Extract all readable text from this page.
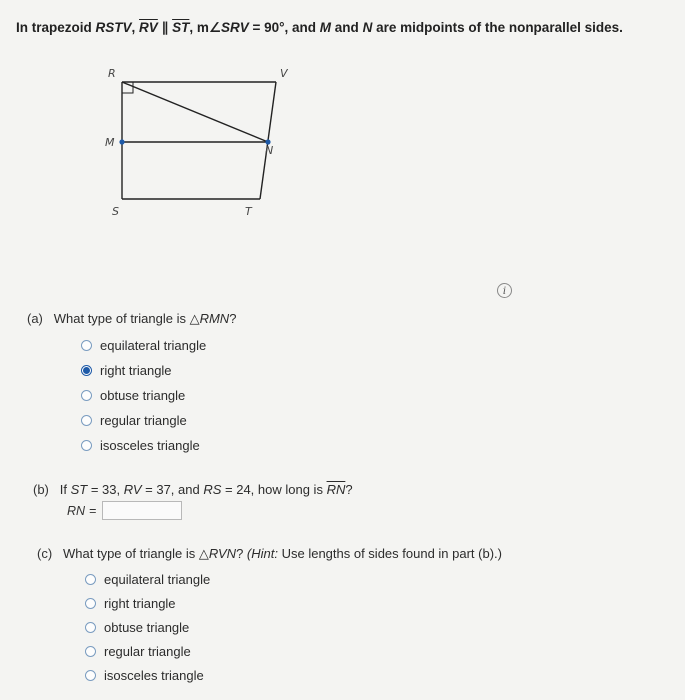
In trapezoid RSTV, $\overline{RV}$ ∥ $\overline{ST}$, m∠SRV = 90°, and M and N are midpoints of the nonparallel sides.
R	V
M
N
S	T
i
(a) What type of triangle is △RMN?
equilateral triangle
right triangle
obtuse triangle
regular triangle
isosceles triangle
(b) If ST = 33, RV = 37, and RS = 24, how long is $\overline{RN}$?
RN =
(c) What type of triangle is △RVN? (Hint: Use lengths of sides found in part (b).)
equilateral triangle
right triangle
obtuse triangle
regular triangle
isosceles triangle
